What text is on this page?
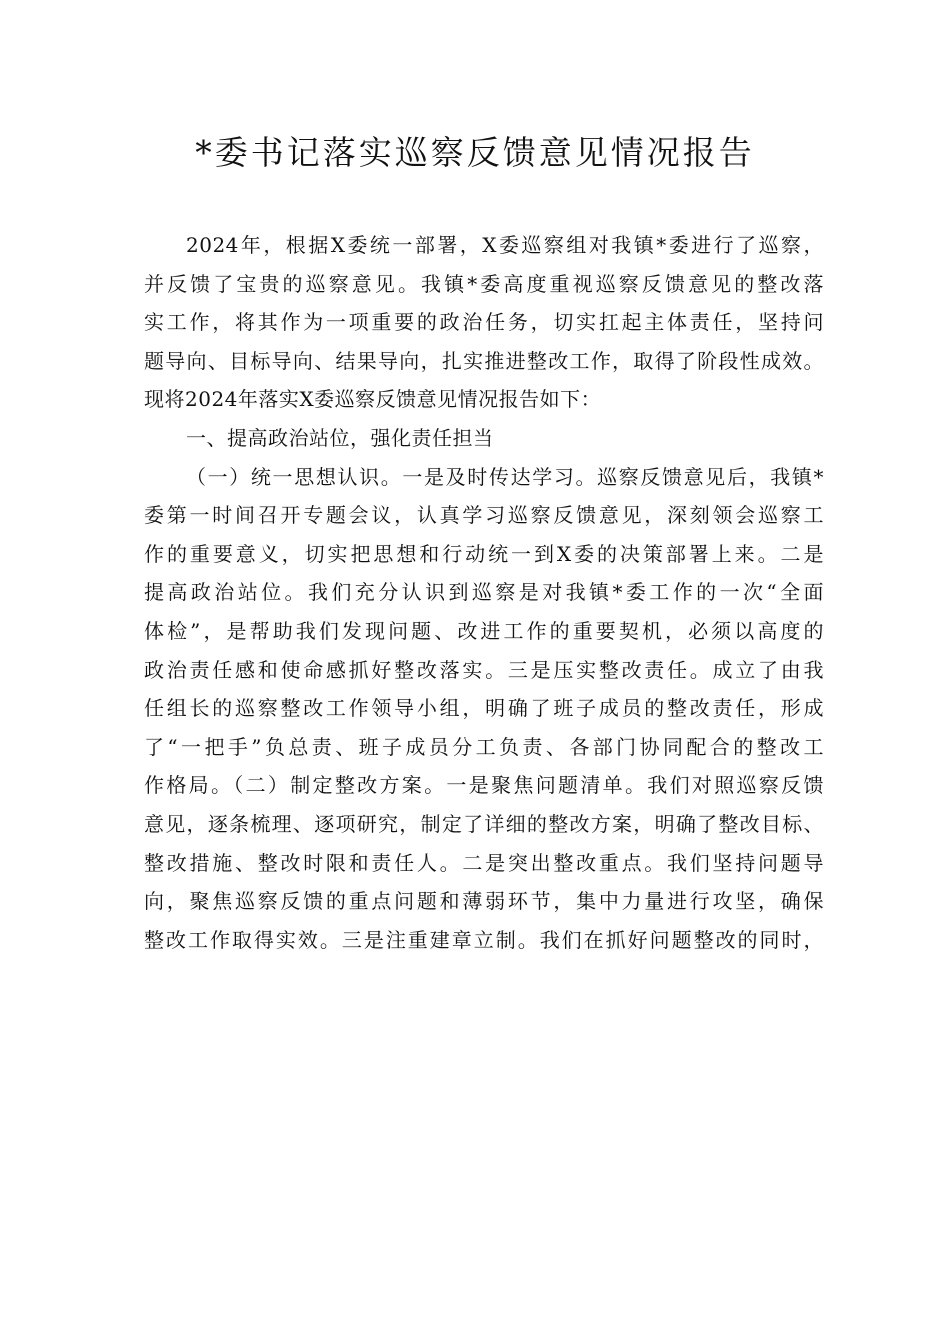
*委书记落实巡察反馈意见情况报告
2024年，根据X委统一部署，X委巡察组对我镇*委进行了巡察，
并反馈了宝贵的巡察意见。我镇*委高度重视巡察反馈意见的整改落
实工作，将其作为一项重要的政治任务，切实扛起主体责任，坚持问
题导向、目标导向、结果导向，扎实推进整改工作，取得了阶段性成效。
现将2024年落实X委巡察反馈意见情况报告如下：
一、提高政治站位，强化责任担当
（一）统一思想认识。一是及时传达学习。巡察反馈意见后，我镇*
委第一时间召开专题会议，认真学习巡察反馈意见，深刻领会巡察工
作的重要意义，切实把思想和行动统一到X委的决策部署上来。二是
提高政治站位。我们充分认识到巡察是对我镇*委工作的一次“全面
体检”，是帮助我们发现问题、改进工作的重要契机，必须以高度的
政治责任感和使命感抓好整改落实。三是压实整改责任。成立了由我
任组长的巡察整改工作领导小组，明确了班子成员的整改责任，形成
了“一把手”负总责、班子成员分工负责、各部门协同配合的整改工
作格局。（二）制定整改方案。一是聚焦问题清单。我们对照巡察反馈
意见，逐条梳理、逐项研究，制定了详细的整改方案，明确了整改目标、
整改措施、整改时限和责任人。二是突出整改重点。我们坚持问题导
向，聚焦巡察反馈的重点问题和薄弱环节，集中力量进行攻坚，确保
整改工作取得实效。三是注重建章立制。我们在抓好问题整改的同时，
